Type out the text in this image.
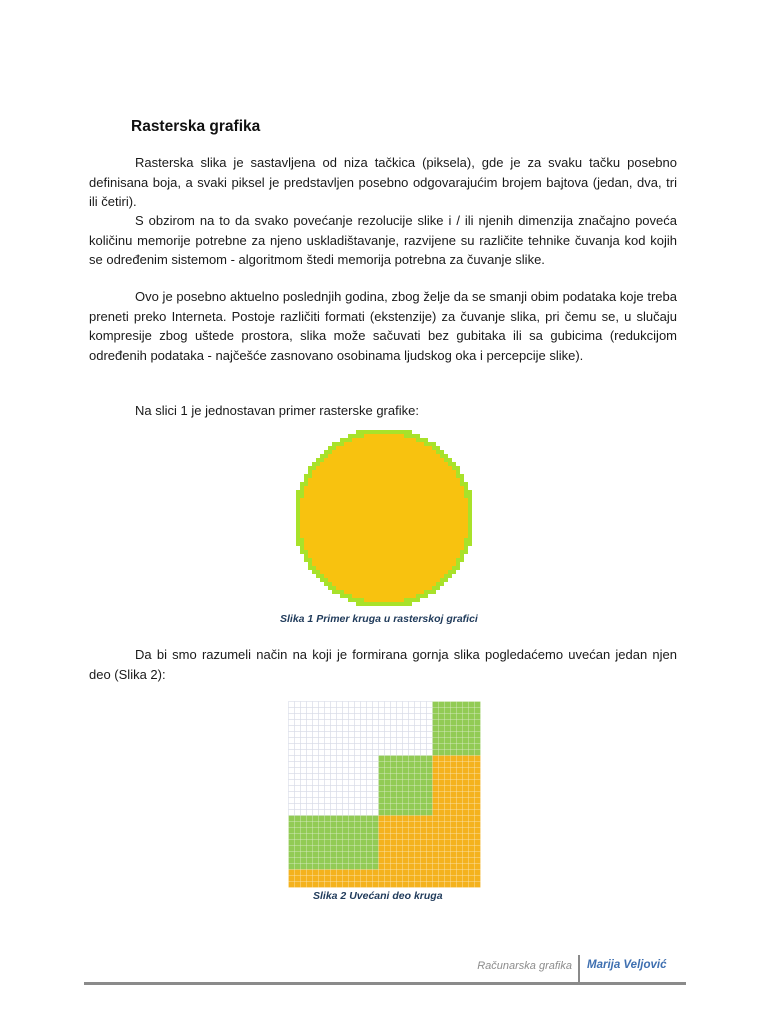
Rasterska grafika

Rasterska slika je sastavljena od niza tačkica (piksela), gde je za svaku tačku posebno definisana boja, a svaki piksel je predstavljen posebno odgovarajućim brojem bajtova (jedan, dva, tri ili četiri).

S obzirom na to da svako povećanje rezolucije slike i / ili njenih dimenzija značajno poveća količinu memorije potrebne za njeno uskladištavanje, razvijene su različite tehnike čuvanja kod kojih se određenim sistemom - algoritmom štedi memorija potrebna za čuvanje slike.

Ovo je posebno aktuelno poslednjih godina, zbog želje da se smanji obim podataka koje treba preneti preko Interneta. Postoje različiti formati (ekstenzije) za čuvanje slika, pri čemu se, u slučaju kompresije zbog uštede prostora, slika može sačuvati bez gubitaka ili sa gubicima (redukcijom određenih podataka - najčešće zasnovano osobinama ljudskog oka i percepcije slike).

Na slici 1 je jednostavan primer rasterske grafike:

Slika 1 Primer kruga u rasterskoj grafici

Da bi smo razumeli način na koji je formirana gornja slika pogledaćemo uvećan jedan njen deo (Slika 2):

Slika 2 Uvećani deo kruga

Računarska grafika Marija Veljović
